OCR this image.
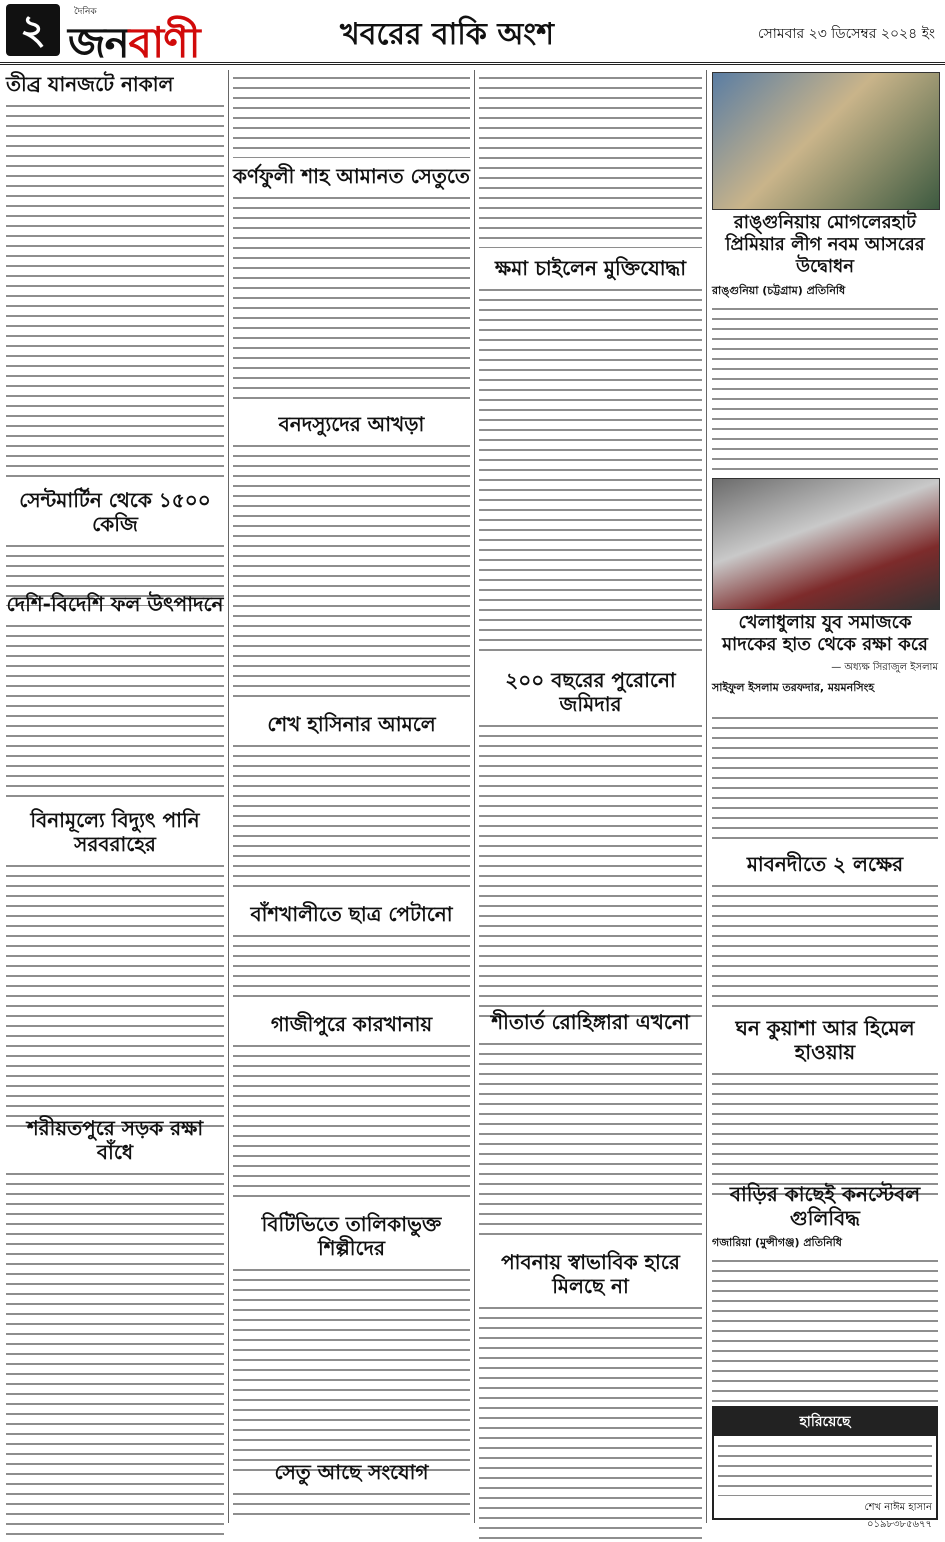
২	দৈনিক
জনবাণী	খবরের বাকি অংশ	সোমবার ২৩ ডিসেম্বর ২০২৪ ইং
তীব্র যানজটে নাকাল
সেন্টমার্টিন থেকে ১৫০০ কেজি
দেশি-বিদেশি ফল উৎপাদনে
বিনামূল্যে বিদ্যুৎ পানি সরবরাহের
শরীয়তপুরে সড়ক রক্ষা বাঁধে
কর্ণফুলী শাহ আমানত সেতুতে
বনদস্যুদের আখড়া
শেখ হাসিনার আমলে
বাঁশখালীতে ছাত্র পেটানো
গাজীপুরে কারখানায়
বিটিভিতে তালিকাভুক্ত শিল্পীদের
সেতু আছে সংযোগ
ক্ষমা চাইলেন মুক্তিযোদ্ধা
২০০ বছরের পুরোনো জমিদার
শীতার্ত রোহিঙ্গারা এখনো
পাবনায় স্বাভাবিক হারে মিলছে না
রাঙ্গুনিয়ায় মোগলেরহাট প্রিমিয়ার লীগ নবম আসরের উদ্বোধন
রাঙ্গুনিয়া (চট্টগ্রাম) প্রতিনিধি
খেলাধুলায় যুব সমাজকে মাদকের হাত থেকে রক্ষা করে
— অধ্যক্ষ সিরাজুল ইসলাম
সাইফুল ইসলাম তরফদার, ময়মনসিংহ
মাবনদীতে ২ লক্ষের
ঘন কুয়াশা আর হিমেল হাওয়ায়
বাড়ির কাছেই কনস্টেবল গুলিবিদ্ধ
গজারিয়া (মুন্সীগঞ্জ) প্রতিনিধি
হারিয়েছে
শেখ নাঈম হাসান
০১৯৮৩৮৫৬৭৭
